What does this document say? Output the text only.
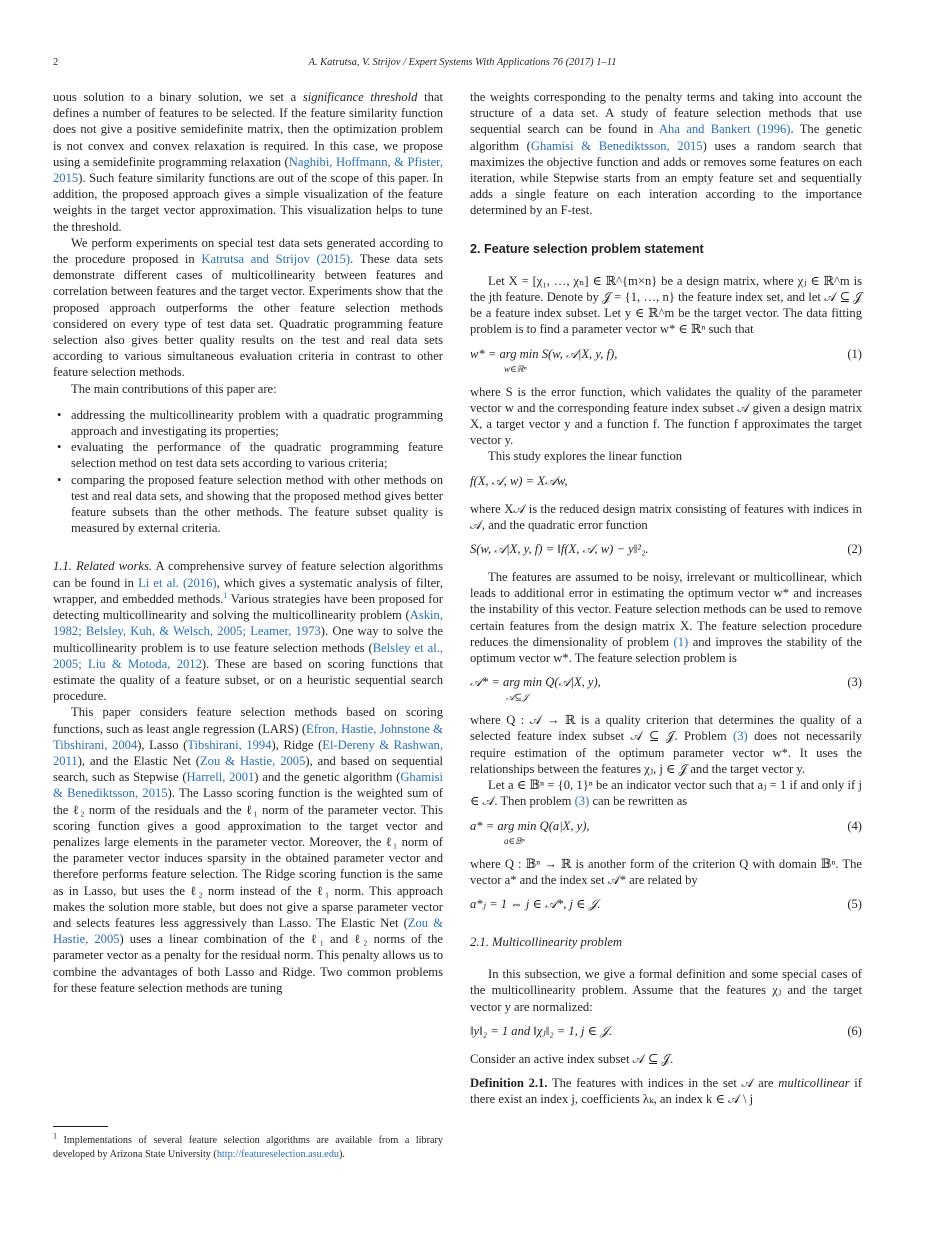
2	A. Katrutsa, V. Strijov / Expert Systems With Applications 76 (2017) 1–11

uous solution to a binary solution, we set a significance threshold that defines a number of features to be selected. If the feature similarity function does not give a positive semidefinite matrix, then the optimization problem is not convex and convex relaxation is required. In this case, we propose using a semidefinite programming relaxation (Naghibi, Hoffmann, & Pfister, 2015). Such feature similarity functions are out of the scope of this paper. In addition, the proposed approach gives a simple visualization of the feature weights in the target vector approximation. This visualization helps to tune the threshold.

We perform experiments on special test data sets generated according to the procedure proposed in Katrutsa and Strijov (2015). These data sets demonstrate different cases of multicollinearity between features and correlation between features and the target vector. Experiments show that the proposed approach outperforms the other feature selection methods considered on every type of test data set. Quadratic programming feature selection also gives better quality results on the test and real data sets according to various simultaneous evaluation criteria in contrast to other feature selection methods.

The main contributions of this paper are:

• addressing the multicollinearity problem with a quadratic programming approach and investigating its properties;
• evaluating the performance of the quadratic programming feature selection method on test data sets according to various criteria;
• comparing the proposed feature selection method with other methods on test and real data sets, and showing that the proposed method gives better feature subsets than the other methods. The feature subset quality is measured by external criteria.

1.1. Related works. A comprehensive survey of feature selection algorithms can be found in Li et al. (2016), which gives a systematic analysis of filter, wrapper, and embedded methods.$^1$ Various strategies have been proposed for detecting multicollinearity and solving the multicollinearity problem (Askin, 1982; Belsley, Kuh, & Welsch, 2005; Leamer, 1973). One way to solve the multicollinearity problem is to use feature selection methods (Belsley et al., 2005; Liu & Motoda, 2012). These are based on scoring functions that estimate the quality of a feature subset, or on a heuristic sequential search procedure.

This paper considers feature selection methods based on scoring functions, such as least angle regression (LARS) (Efron, Hastie, Johnstone & Tibshirani, 2004), Lasso (Tibshirani, 1994), Ridge (El-Dereny & Rashwan, 2011), and the Elastic Net (Zou & Hastie, 2005), and based on sequential search, such as Stepwise (Harrell, 2001) and the genetic algorithm (Ghamisi & Benediktsson, 2015). The Lasso scoring function is the weighted sum of the ℓ₂ norm of the residuals and the ℓ₁ norm of the parameter vector. This scoring function gives a good approximation to the target vector and penalizes large elements in the parameter vector. Moreover, the ℓ₁ norm of the parameter vector induces sparsity in the obtained parameter vector and therefore performs feature selection. The Ridge scoring function is the same as in Lasso, but uses the ℓ₂ norm instead of the ℓ₁ norm. This approach makes the solution more stable, but does not give a sparse parameter vector and selects features less aggressively than Lasso. The Elastic Net (Zou & Hastie, 2005) uses a linear combination of the ℓ₁ and ℓ₂ norms of the parameter vector as a penalty for the residual norm. This penalty allows us to combine the advantages of both Lasso and Ridge. Two common problems for these feature selection methods are tuning

$^1$ Implementations of several feature selection algorithms are available from a library developed by Arizona State University (http://featureselection.asu.edu).

the weights corresponding to the penalty terms and taking into account the structure of a data set. A study of feature selection methods that use sequential search can be found in Aha and Bankert (1996). The genetic algorithm (Ghamisi & Benediktsson, 2015) uses a random search that maximizes the objective function and adds or removes some features on each iteration, while Stepwise starts from an empty feature set and sequentially adds a single feature on each interation according to the importance determined by an F-test.

2. Feature selection problem statement

Let X = [χ₁, …, χₙ] ∈ ℝ^{m×n} be a design matrix, where χⱼ ∈ ℝ^m is the jth feature. Denote by 𝒥 = {1, …, n} the feature index set, and let 𝒜 ⊆ 𝒥 be a feature index subset. Let y ∈ ℝ^m be the target vector. The data fitting problem is to find a parameter vector w* ∈ ℝⁿ such that

w* = arg min S(w, 𝒜|X, y, f),
w∈ℝⁿ
(1)

where S is the error function, which validates the quality of the parameter vector w and the corresponding feature index subset 𝒜 given a design matrix X, a target vector y and a function f. The function f approximates the target vector y.

This study explores the linear function

f(X, 𝒜, w) = X𝒜w,

where X𝒜 is the reduced design matrix consisting of features with indices in 𝒜, and the quadratic error function

S(w, 𝒜|X, y, f) = ‖f(X, 𝒜, w) − y‖²₂.	(2)

The features are assumed to be noisy, irrelevant or multicollinear, which leads to additional error in estimating the optimum vector w* and increases the instability of this vector. Feature selection methods can be used to remove certain features from the design matrix X. The feature selection procedure reduces the dimensionality of problem (1) and improves the stability of the optimum vector w*. The feature selection problem is

𝒜* = arg min Q(𝒜|X, y),
𝒜⊆𝒥
(3)

where Q : 𝒜 → ℝ is a quality criterion that determines the quality of a selected feature index subset 𝒜 ⊆ 𝒥. Problem (3) does not necessarily require estimation of the optimum parameter vector w*. It uses the relationships between the features χⱼ, j ∈ 𝒥 and the target vector y.

Let a ∈ 𝔹ⁿ = {0, 1}ⁿ be an indicator vector such that aⱼ = 1 if and only if j ∈ 𝒜. Then problem (3) can be rewritten as

a* = arg min Q(a|X, y),
a∈𝔹ⁿ
(4)

where Q : 𝔹ⁿ → ℝ is another form of the criterion Q with domain 𝔹ⁿ. The vector a* and the index set 𝒜* are related by

a*ⱼ = 1 ⇔ j ∈ 𝒜*, j ∈ 𝒥.	(5)
2.1. Multicollinearity problem

In this subsection, we give a formal definition and some special cases of the multicollinearity problem. Assume that the features χⱼ and the target vector y are normalized:

‖y‖₂ = 1 and ‖χⱼ‖₂ = 1, j ∈ 𝒥.	(6)

Consider an active index subset 𝒜 ⊆ 𝒥.

Definition 2.1. The features with indices in the set 𝒜 are multicollinear if there exist an index j, coefficients λₖ, an index k ∈ 𝒜 \ j
